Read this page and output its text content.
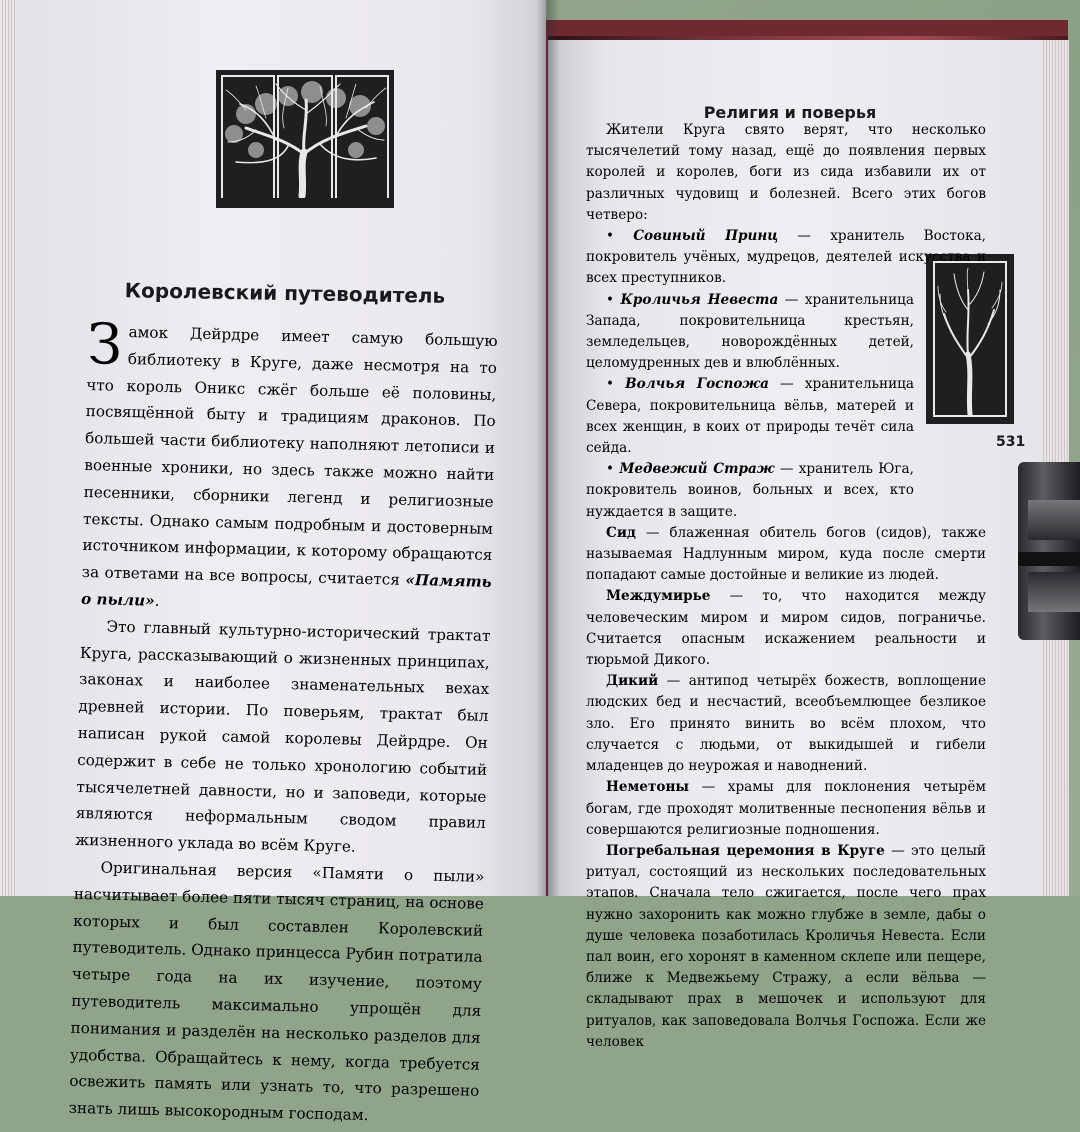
Королевский путеводитель

Замок Дейрдре имеет самую большую библиотеку в Круге, даже несмотря на то что король Оникс сжёг больше её половины, посвящённой быту и традициям драконов. По большей части библиотеку наполняют летописи и военные хроники, но здесь также можно найти песенники, сборники легенд и религиозные тексты. Однако самым подробным и достоверным источником информации, к которому обращаются за ответами на все вопросы, считается «Память о пыли».

Это главный культурно-исторический трактат Круга, рассказывающий о жизненных принципах, законах и наиболее знаменательных вехах древней истории. По поверьям, трактат был написан рукой самой королевы Дейрдре. Он содержит в себе не только хронологию событий тысячелетней давности, но и заповеди, которые являются неформальным сводом правил жизненного уклада во всём Круге.

Оригинальная версия «Памяти о пыли» насчитывает более пяти тысяч страниц, на основе которых и был составлен Королевский путеводитель. Однако принцесса Рубин потратила четыре года на их изучение, поэтому путеводитель максимально упрощён для понимания и разделён на несколько разделов для удобства. Обращайтесь к нему, когда требуется освежить память или узнать то, что разрешено знать лишь высокородным господам.

Религия и поверья

Жители Круга свято верят, что несколько тысячелетий тому назад, ещё до появления первых королей и королев, боги из сида избавили их от различных чудовищ и болезней. Всего этих богов четверо:

• Совиный Принц — хранитель Востока, покровитель учёных, мудрецов, деятелей искусства и всех преступников.

• Кроличья Невеста — хранительница Запада, покровительница крестьян, земледельцев, новорождённых детей, целомудренных дев и влюблённых.

• Волчья Госпожа — хранительница Севера, покровительница вёльв, матерей и всех женщин, в коих от природы течёт сила сейда.

• Медвежий Страж — хранитель Юга, покровитель воинов, больных и всех, кто нуждается в защите.

Сид — блаженная обитель богов (сидов), также называемая Надлунным миром, куда после смерти попадают самые достойные и великие из людей.

Междумирье — то, что находится между человеческим миром и миром сидов, пограничье. Считается опасным искажением реальности и тюрьмой Дикого.

Дикий — антипод четырёх божеств, воплощение людских бед и несчастий, всеобъемлющее безликое зло. Его принято винить во всём плохом, что случается с людьми, от выкидышей и гибели младенцев до неурожая и наводнений.

Неметоны — храмы для поклонения четырём богам, где проходят молитвенные песнопения вёльв и совершаются религиозные подношения.

Погребальная церемония в Круге — это целый ритуал, состоящий из нескольких последовательных этапов. Сначала тело сжигается, после чего прах нужно захоронить как можно глубже в земле, дабы о душе человека позаботилась Кроличья Невеста. Если пал воин, его хоронят в каменном склепе или пещере, ближе к Медвежьему Стражу, а если вёльва — складывают прах в мешочек и используют для ритуалов, как заповедовала Волчья Госпожа. Если же человек

531
